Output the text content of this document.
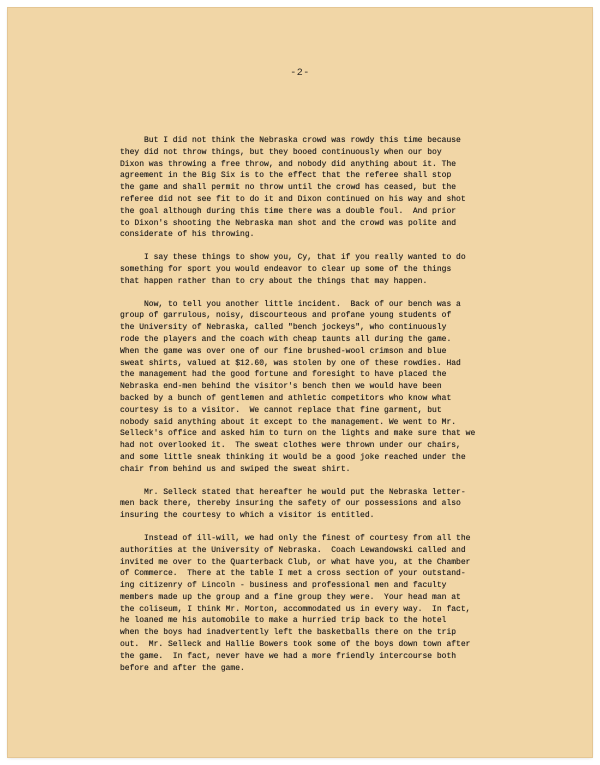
-2-
But I did not think the Nebraska crowd was rowdy this time because
they did not throw things, but they booed continuously when our boy
Dixon was throwing a free throw, and nobody did anything about it. The
agreement in the Big Six is to the effect that the referee shall stop
the game and shall permit no throw until the crowd has ceased, but the
referee did not see fit to do it and Dixon continued on his way and shot
the goal although during this time there was a double foul.  And prior
to Dixon's shooting the Nebraska man shot and the crowd was polite and
considerate of his throwing.
I say these things to show you, Cy, that if you really wanted to do
something for sport you would endeavor to clear up some of the things
that happen rather than to cry about the things that may happen.
Now, to tell you another little incident.  Back of our bench was a
group of garrulous, noisy, discourteous and profane young students of
the University of Nebraska, called "bench jockeys", who continuously
rode the players and the coach with cheap taunts all during the game.
When the game was over one of our fine brushed-wool crimson and blue
sweat shirts, valued at $12.60, was stolen by one of these rowdies. Had
the management had the good fortune and foresight to have placed the
Nebraska end-men behind the visitor's bench then we would have been
backed by a bunch of gentlemen and athletic competitors who know what
courtesy is to a visitor.  We cannot replace that fine garment, but
nobody said anything about it except to the management. We went to Mr.
Selleck's office and asked him to turn on the lights and make sure that we
had not overlooked it.  The sweat clothes were thrown under our chairs,
and some little sneak thinking it would be a good joke reached under the
chair from behind us and swiped the sweat shirt.
Mr. Selleck stated that hereafter he would put the Nebraska letter-
men back there, thereby insuring the safety of our possessions and also
insuring the courtesy to which a visitor is entitled.
Instead of ill-will, we had only the finest of courtesy from all the
authorities at the University of Nebraska.  Coach Lewandowski called and
invited me over to the Quarterback Club, or what have you, at the Chamber
of Commerce.  There at the table I met a cross section of your outstand-
ing citizenry of Lincoln - business and professional men and faculty
members made up the group and a fine group they were.  Your head man at
the coliseum, I think Mr. Morton, accommodated us in every way.  In fact,
he loaned me his automobile to make a hurried trip back to the hotel
when the boys had inadvertently left the basketballs there on the trip
out.  Mr. Selleck and Hallie Bowers took some of the boys down town after
the game.  In fact, never have we had a more friendly intercourse both
before and after the game.
